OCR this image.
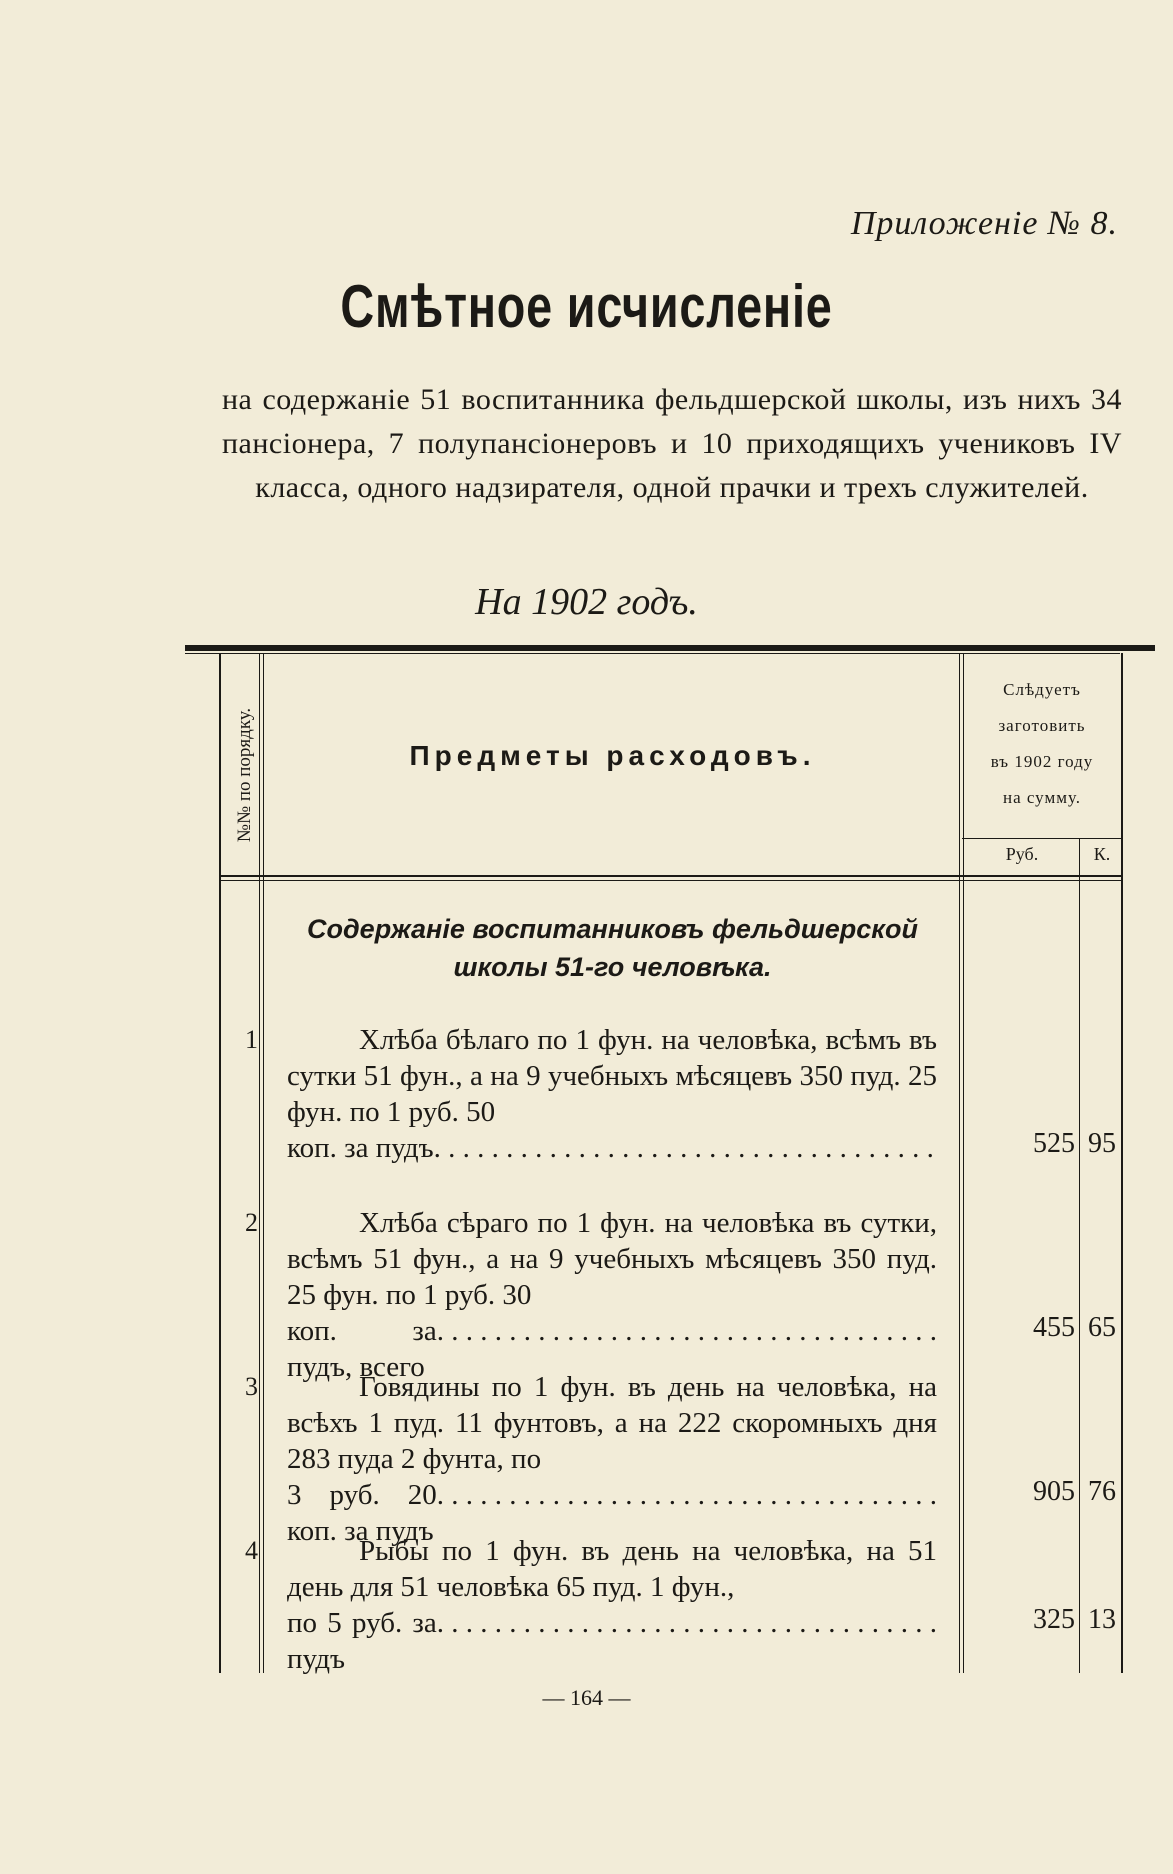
Приложенiе № 8.
Смѣтное исчисленiе
на содержанiе 51 воспитанника фельдшерской школы, изъ нихъ 34 пансiонера, 7 полупансiонеровъ и 10 приходящихъ учениковъ IV класса, одного надзирателя, одной прачки и трехъ служителей.
На 1902 годъ.
№№ по порядку.	Предметы расходовъ.
Слѣдуетъ
заготовить
въ 1902 году
на сумму.
Руб.	К.
Содержанiе воспитанниковъ фельдшерской школы 51-го человѣка.
1	Хлѣба бѣлаго по 1 фун. на человѣка, всѣмъ въ сутки 51 фун., а на 9 учебныхъ мѣсяцевъ 350 пуд. 25 фун. по 1 руб. 50
коп. за пудъ . . . . . . . . . . . . . . . . . . . . . . . . . . . . . . . . . . .	525 95
2	Хлѣба сѣраго по 1 фун. на человѣка въ сутки, всѣмъ 51 фун., а на 9 учебныхъ мѣсяцевъ 350 пуд. 25 фун. по 1 руб. 30
коп. за пудъ, всего
. . . . . . . . . . . . . . . . . . . . . . . . . . . . . . . . . . .	455 65
3	Говядины по 1 фун. въ день на человѣка, на всѣхъ 1 пуд. 11 фунтовъ, а на 222 скоромныхъ дня 283 пуда 2 фунта, по
3 руб. 20 коп. за пудъ
. . . . . . . . . . . . . . . . . . . . . . . . . . . . . . . . . . .	905 76
4	Рыбы по 1 фун. въ день на человѣка, на 51 день для 51 человѣка 65 пуд. 1 фун.,
по 5 руб. за пудъ
. . . . . . . . . . . . . . . . . . . . . . . . . . . . . . . . . . .	325 13
— 164 —
